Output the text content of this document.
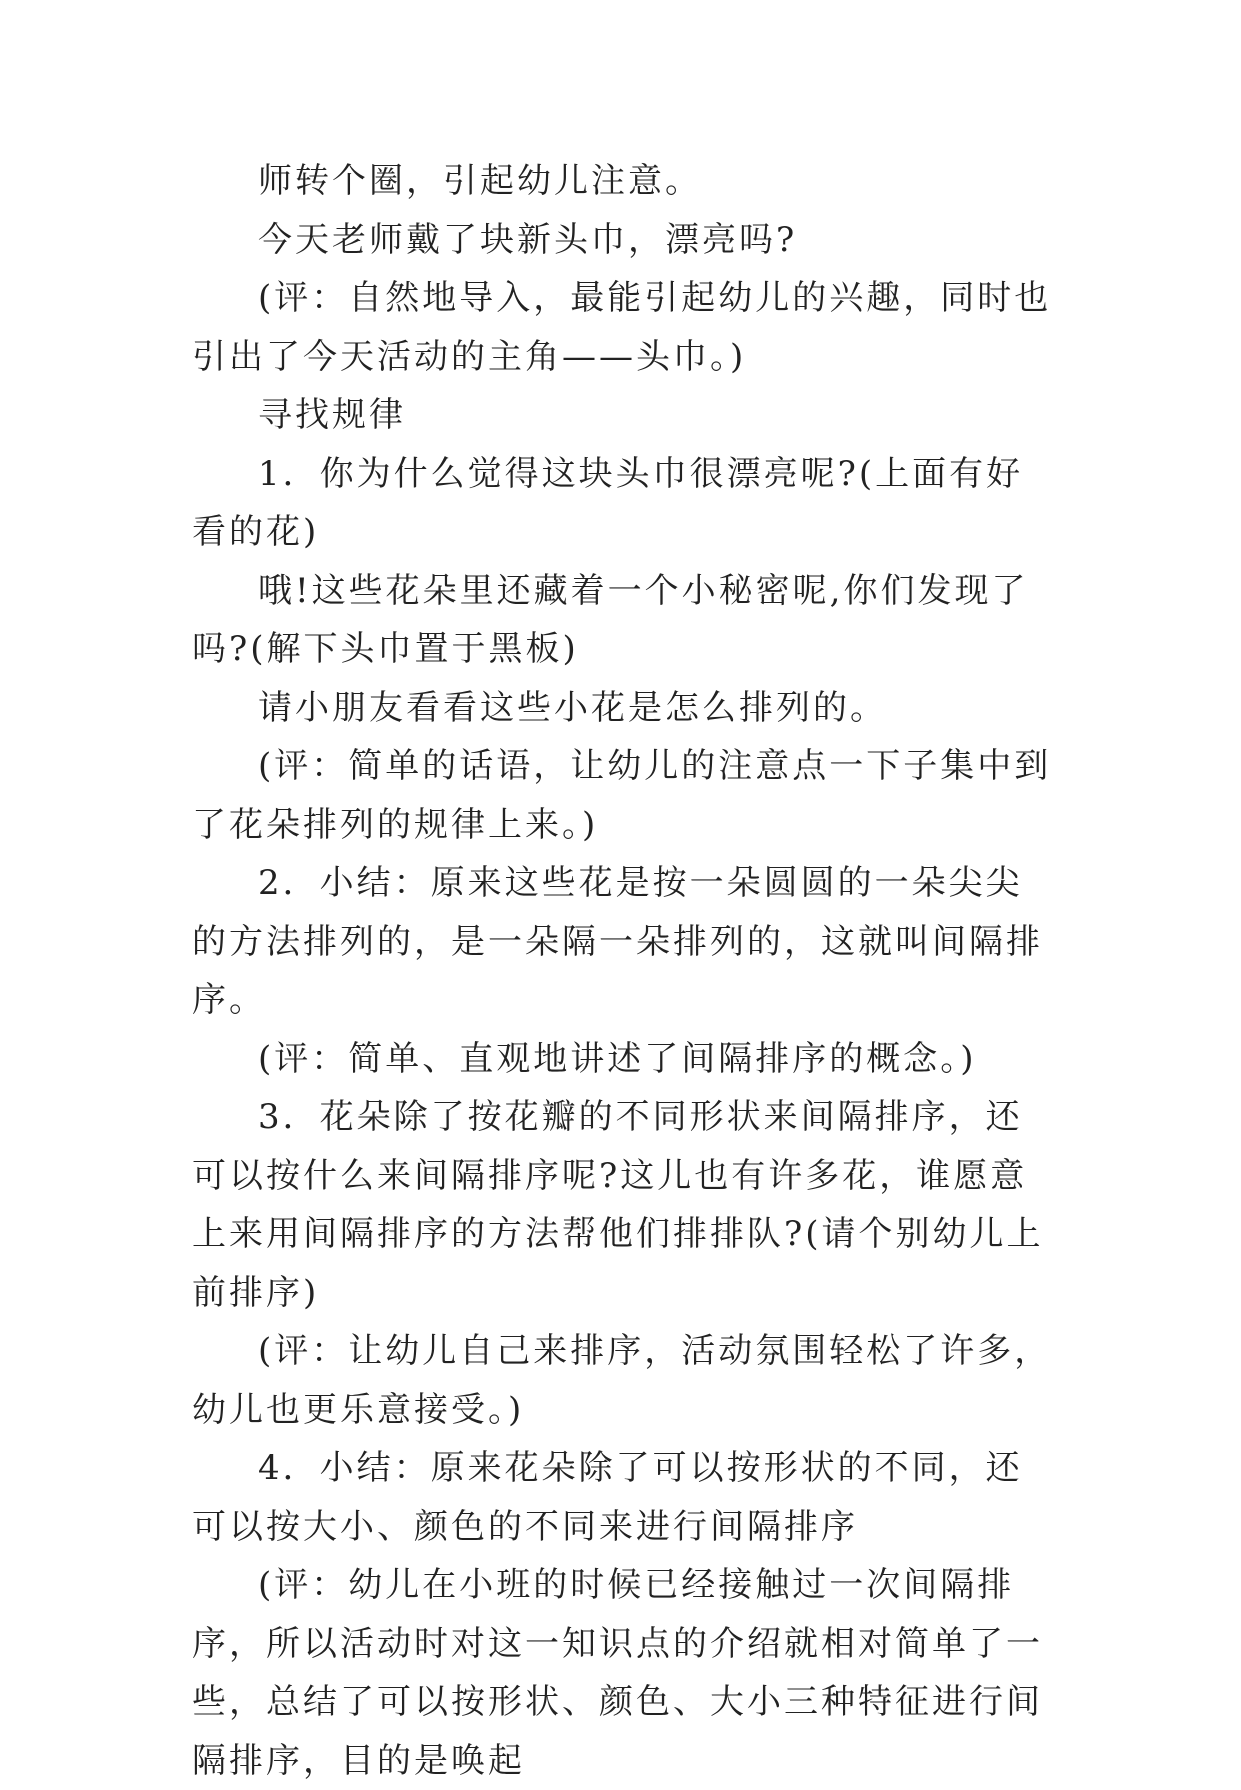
师转个圈，引起幼儿注意。

今天老师戴了块新头巾，漂亮吗?

(评：自然地导入，最能引起幼儿的兴趣，同时也引出了今天活动的主角——头巾。)

寻找规律

1．你为什么觉得这块头巾很漂亮呢?(上面有好看的花)

哦!这些花朵里还藏着一个小秘密呢,你们发现了吗?(解下头巾置于黑板)

请小朋友看看这些小花是怎么排列的。

(评：简单的话语，让幼儿的注意点一下子集中到了花朵排列的规律上来。)

2．小结：原来这些花是按一朵圆圆的一朵尖尖的方法排列的，是一朵隔一朵排列的，这就叫间隔排序。

(评：简单、直观地讲述了间隔排序的概念。)

3．花朵除了按花瓣的不同形状来间隔排序，还可以按什么来间隔排序呢?这儿也有许多花，谁愿意上来用间隔排序的方法帮他们排排队?(请个别幼儿上前排序)

(评：让幼儿自己来排序，活动氛围轻松了许多，幼儿也更乐意接受。)

4．小结：原来花朵除了可以按形状的不同，还可以按大小、颜色的不同来进行间隔排序

(评：幼儿在小班的时候已经接触过一次间隔排序，所以活动时对这一知识点的介绍就相对简单了一些，总结了可以按形状、颜色、大小三种特征进行间隔排序，目的是唤起
